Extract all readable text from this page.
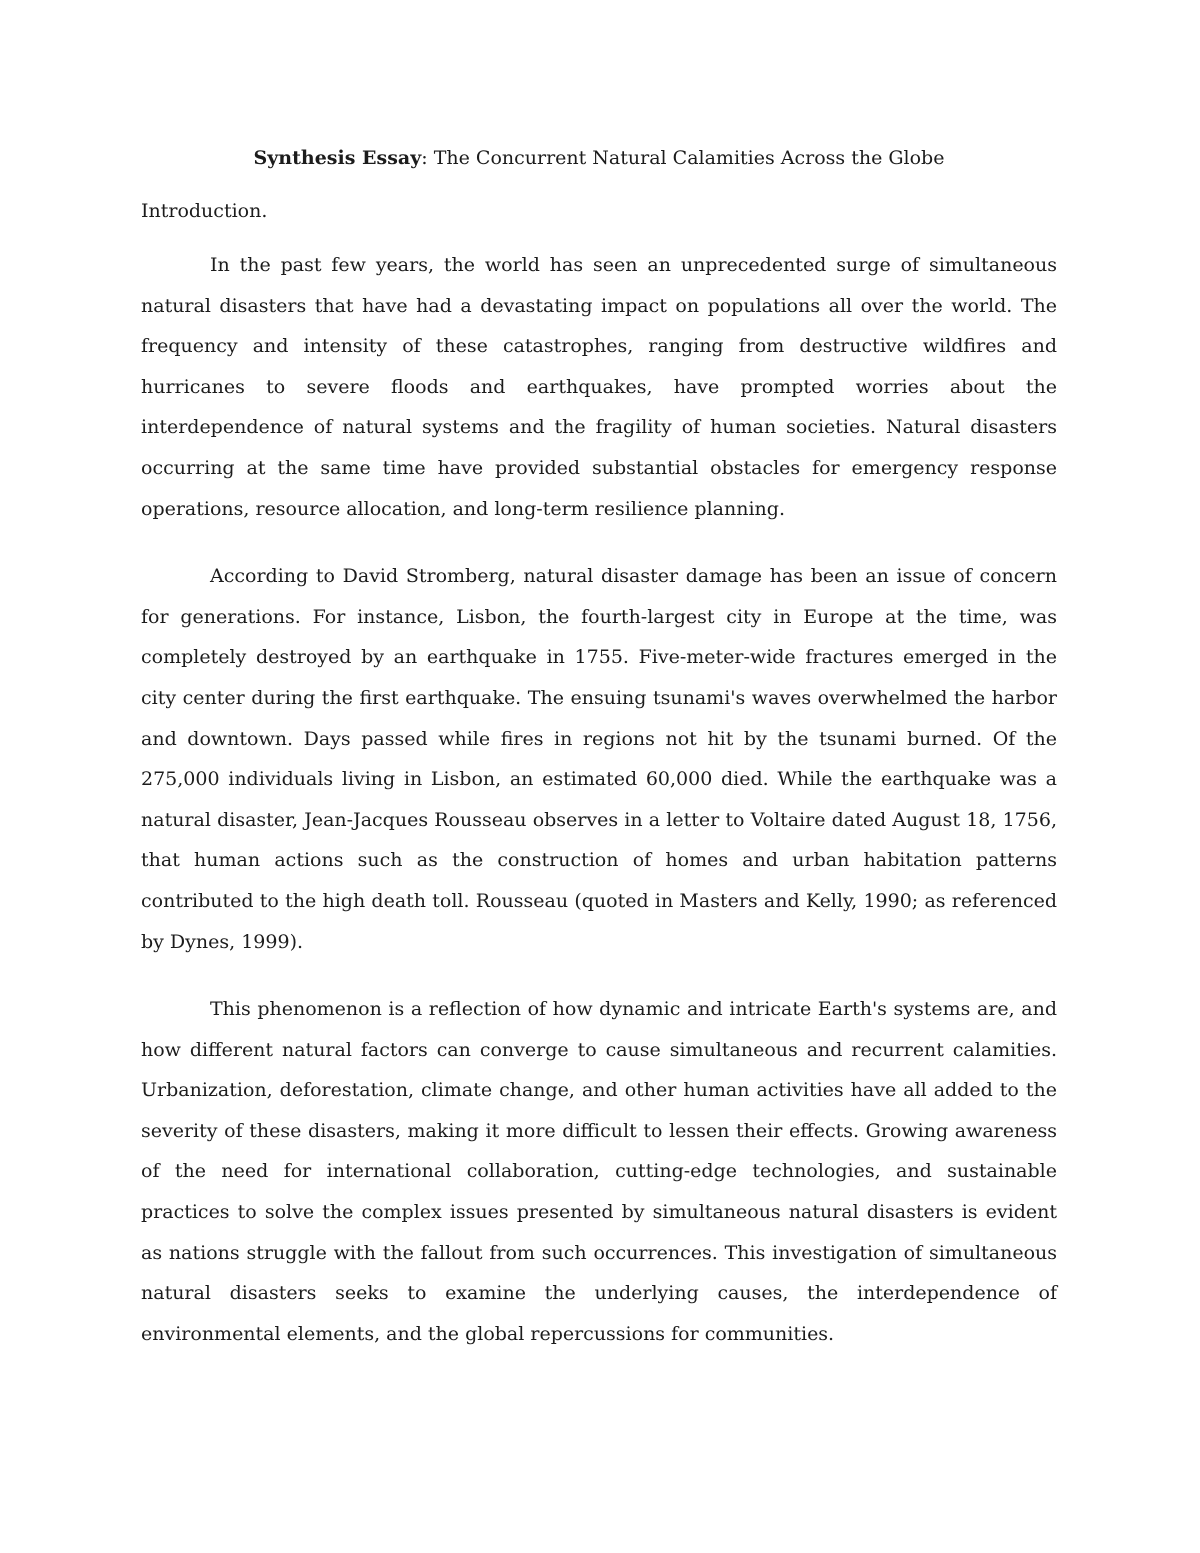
Synthesis Essay: The Concurrent Natural Calamities Across the Globe
Introduction.

In the past few years, the world has seen an unprecedented surge of simultaneous natural disasters that have had a devastating impact on populations all over the world. The frequency and intensity of these catastrophes, ranging from destructive wildfires and hurricanes to severe floods and earthquakes, have prompted worries about the interdependence of natural systems and the fragility of human societies. Natural disasters occurring at the same time have provided substantial obstacles for emergency response operations, resource allocation, and long-term resilience planning.

According to David Stromberg, natural disaster damage has been an issue of concern for generations. For instance, Lisbon, the fourth-largest city in Europe at the time, was completely destroyed by an earthquake in 1755. Five-meter-wide fractures emerged in the city center during the first earthquake. The ensuing tsunami's waves overwhelmed the harbor and downtown. Days passed while fires in regions not hit by the tsunami burned. Of the 275,000 individuals living in Lisbon, an estimated 60,000 died. While the earthquake was a natural disaster, Jean-Jacques Rousseau observes in a letter to Voltaire dated August 18, 1756, that human actions such as the construction of homes and urban habitation patterns contributed to the high death toll. Rousseau (quoted in Masters and Kelly, 1990; as referenced by Dynes, 1999).

This phenomenon is a reflection of how dynamic and intricate Earth's systems are, and how different natural factors can converge to cause simultaneous and recurrent calamities. Urbanization, deforestation, climate change, and other human activities have all added to the severity of these disasters, making it more difficult to lessen their effects. Growing awareness of the need for international collaboration, cutting-edge technologies, and sustainable practices to solve the complex issues presented by simultaneous natural disasters is evident as nations struggle with the fallout from such occurrences. This investigation of simultaneous natural disasters seeks to examine the underlying causes, the interdependence of environmental elements, and the global repercussions for communities.
